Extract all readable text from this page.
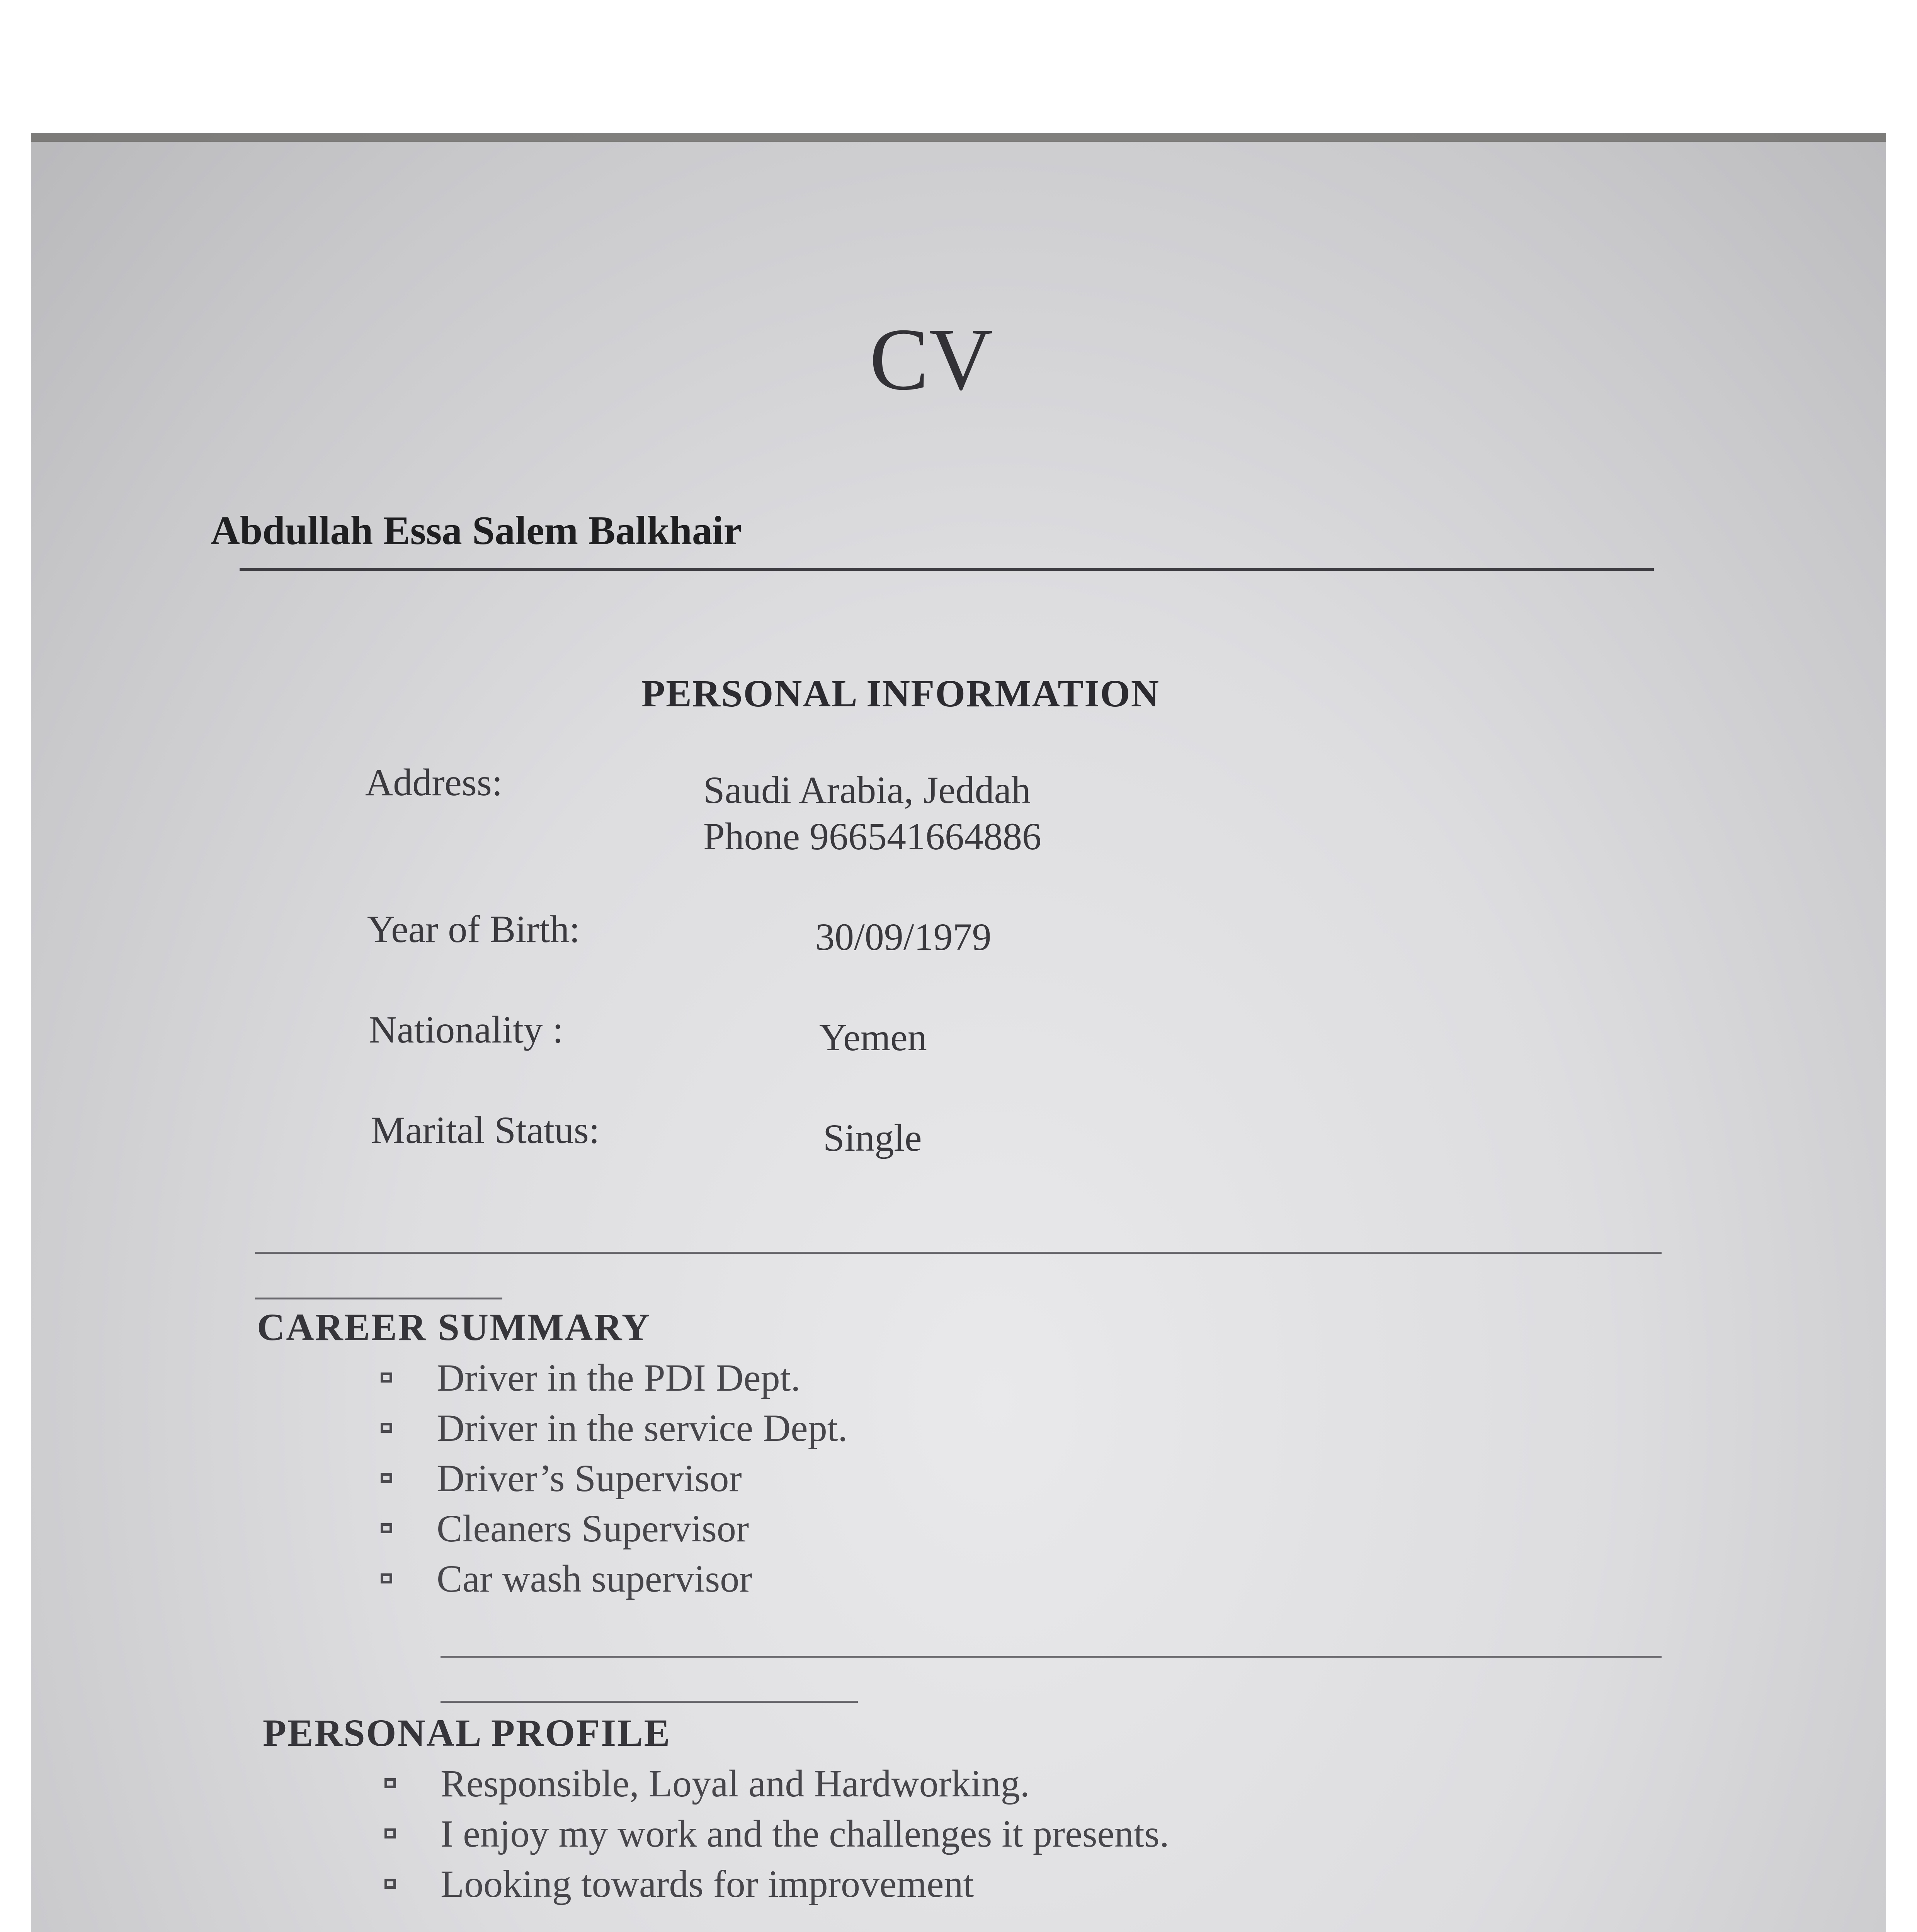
CV
Abdullah Essa Salem Balkhair
PERSONAL INFORMATION
Address:	Saudi Arabia, Jeddah
Phone 966541664886
Year of Birth:	30/09/1979
Nationality :	Yemen
Marital Status:	Single
CAREER SUMMARY
Driver in the PDI Dept.
Driver in the service Dept.
Driver’s Supervisor
Cleaners Supervisor
Car wash supervisor
PERSONAL PROFILE
Responsible, Loyal and Hardworking.
I enjoy my work and the challenges it presents.
Looking towards for improvement
